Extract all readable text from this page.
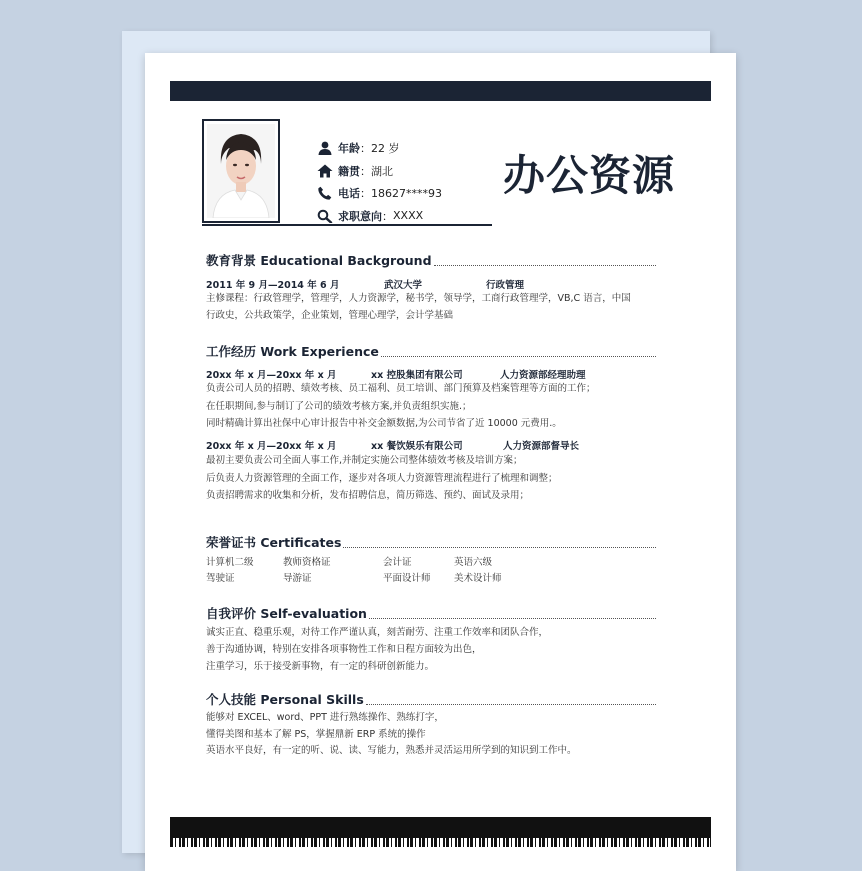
年龄 ： 22 岁
籍贯 ： 湖北
电话 ： 18627****93
求职意向 ： XXXX
办公资源
教育背景 Educational Background
2011 年 9 月—2014 年 6 月	武汉大学	行政管理
主修课程：行政管理学，管理学，人力资源学，秘书学，领导学，工商行政管理学，VB,C 语言，中国
行政史，公共政策学，企业策划，管理心理学，会计学基础
工作经历 Work Experience
20xx 年 x 月—20xx 年 x 月	xx 控股集团有限公司	人力资源部经理助理
负责公司人员的招聘、绩效考核、员工福利、员工培训、部门预算及档案管理等方面的工作；
在任职期间,参与制订了公司的绩效考核方案,并负责组织实施.；
同时精确计算出社保中心审计报告中补交金额数据,为公司节省了近 10000 元费用.。
20xx 年 x 月—20xx 年 x 月	xx 餐饮娱乐有限公司	人力资源部督导长
最初主要负责公司全面人事工作,并制定实施公司整体绩效考核及培训方案；
后负责人力资源管理的全面工作，逐步对各项人力资源管理流程进行了梳理和调整；
负责招聘需求的收集和分析，发布招聘信息，简历筛选、预约、面试及录用；
荣誉证书 Certificates
计算机二级	教师资格证	会计证	英语六级
驾驶证	导游证	平面设计师 美术设计师
自我评价 Self-evaluation
诚实正直、稳重乐观，对待工作严谨认真，刻苦耐劳、注重工作效率和团队合作，
善于沟通协调，特别在安排各项事物性工作和日程方面较为出色，
注重学习，乐于接受新事物，有一定的科研创新能力。
个人技能 Personal Skills
能够对 EXCEL、word、PPT 进行熟练操作、熟练打字，
懂得美图和基本了解 PS，掌握鼎新 ERP 系统的操作
英语水平良好，有一定的听、说、读、写能力，熟悉并灵活运用所学到的知识到工作中。
